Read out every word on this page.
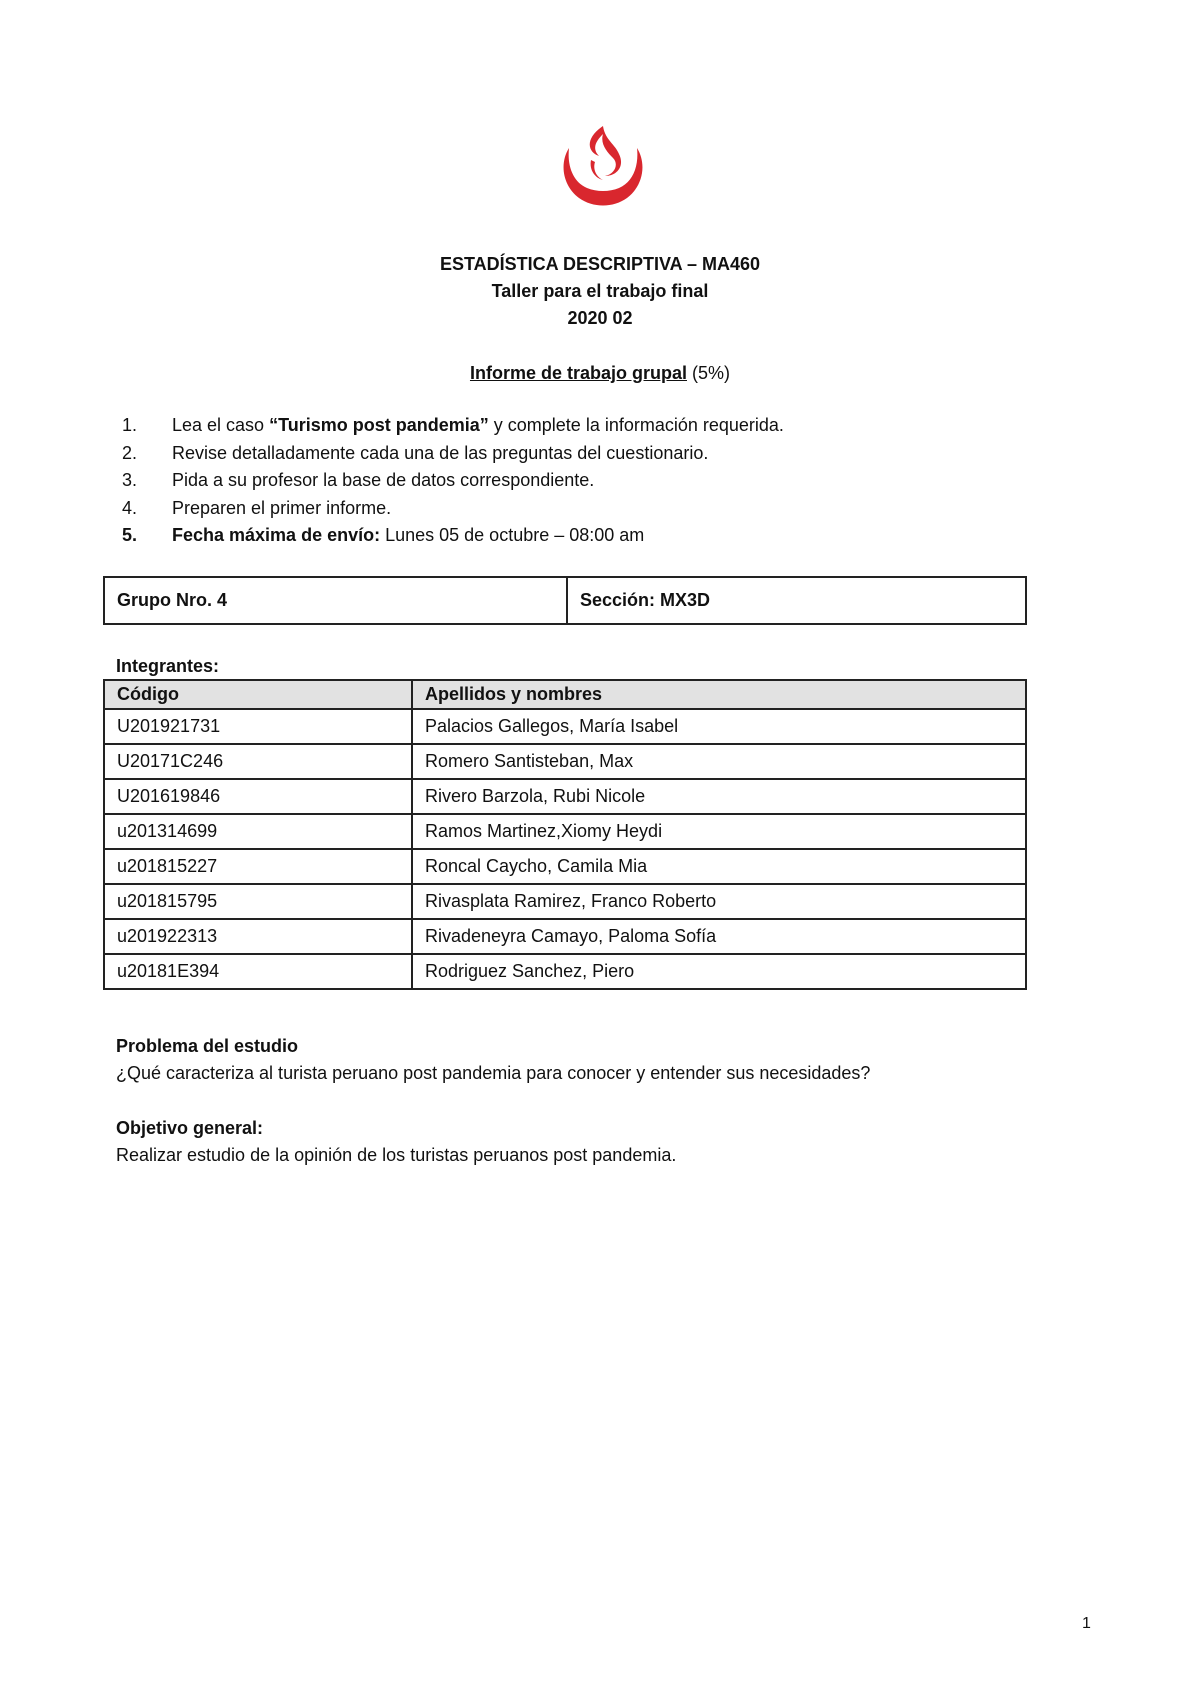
ESTADÍSTICA DESCRIPTIVA – MA460
Taller para el trabajo final
2020 02
Informe de trabajo grupal (5%)
1. Lea el caso “Turismo post pandemia” y complete la información requerida.
2. Revise detalladamente cada una de las preguntas del cuestionario.
3. Pida a su profesor la base de datos correspondiente.
4. Preparen el primer informe.
5. Fecha máxima de envío: Lunes 05 de octubre – 08:00 am
Grupo Nro. 4	Sección: MX3D
Integrantes:
Código	Apellidos y nombres
U201921731	Palacios Gallegos, María Isabel
U20171C246	Romero Santisteban, Max
U201619846	Rivero Barzola, Rubi Nicole
u201314699	Ramos Martinez,Xiomy Heydi
u201815227	Roncal Caycho, Camila Mia
u201815795	Rivasplata Ramirez, Franco Roberto
u201922313	Rivadeneyra Camayo, Paloma Sofía
u20181E394	Rodriguez Sanchez, Piero
Problema del estudio
¿Qué caracteriza al turista peruano post pandemia para conocer y entender sus necesidades?
Objetivo general:
Realizar estudio de la opinión de los turistas peruanos post pandemia.
1
